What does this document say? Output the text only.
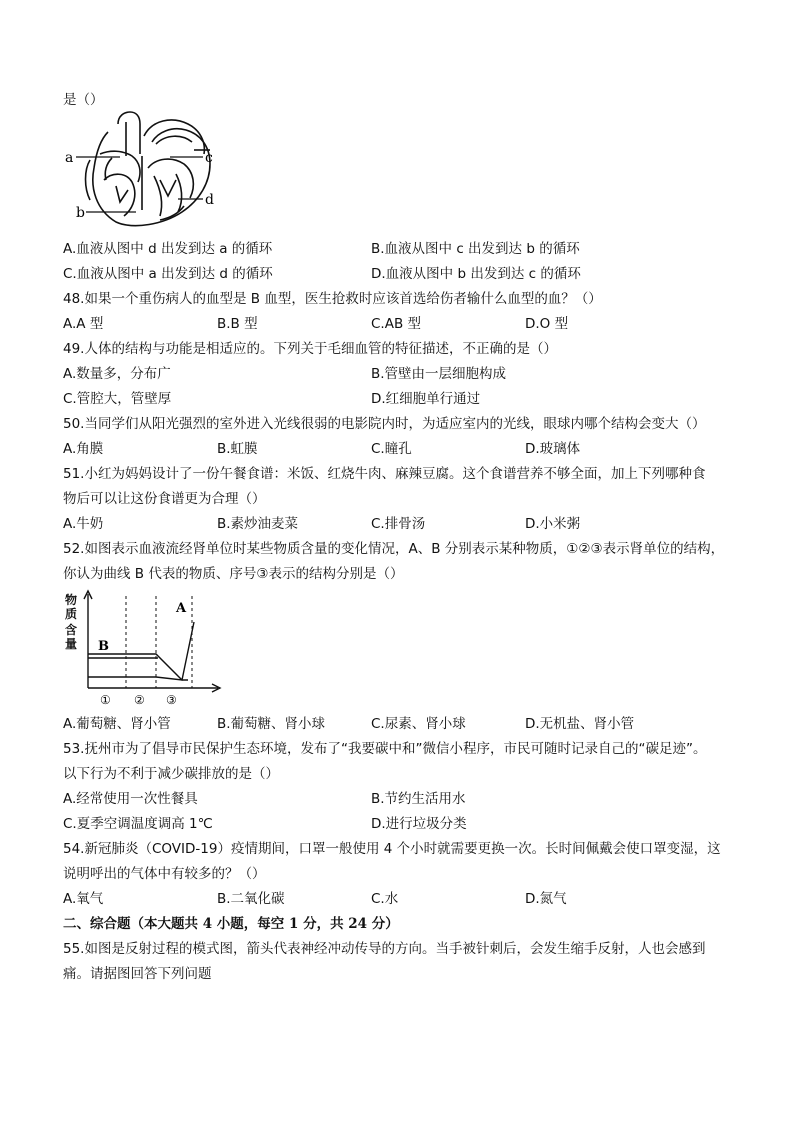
是（）
a	c
b
d
A.血液从图中 d 出发到达 a 的循环	B.血液从图中 c 出发到达 b 的循环
C.血液从图中 a 出发到达 d 的循环	D.血液从图中 b 出发到达 c 的循环
48.如果一个重伤病人的血型是 B 血型，医生抢救时应该首选给伤者输什么血型的血？（）
A.A 型	B.B 型	C.AB 型	D.O 型
49.人体的结构与功能是相适应的。下列关于毛细血管的特征描述，不正确的是（）
A.数量多，分布广	B.管壁由一层细胞构成
C.管腔大，管壁厚	D.红细胞单行通过
50.当同学们从阳光强烈的室外进入光线很弱的电影院内时，为适应室内的光线，眼球内哪个结构会变大（）
A.角膜	B.虹膜	C.瞳孔	D.玻璃体
51.小红为妈妈设计了一份午餐食谱：米饭、红烧牛肉、麻辣豆腐。这个食谱营养不够全面，加上下列哪种食
物后可以让这份食谱更为合理（）
A.牛奶	B.素炒油麦菜	C.排骨汤	D.小米粥
52.如图表示血液流经肾单位时某些物质含量的变化情况，A、B 分别表示某种物质，①②③表示肾单位的结构，
你认为曲线 B 代表的物质、序号③表示的结构分别是（）
物
质
含
量
A
B
① ② ③
A.葡萄糖、肾小管	B.葡萄糖、肾小球	C.尿素、肾小球	D.无机盐、肾小管
53.抚州市为了倡导市民保护生态环境，发布了“我要碳中和”微信小程序，市民可随时记录自己的“碳足迹”。
以下行为不利于减少碳排放的是（）
A.经常使用一次性餐具	B.节约生活用水
C.夏季空调温度调高 1℃	D.进行垃圾分类
54.新冠肺炎（COVID-19）疫情期间，口罩一般使用 4 个小时就需要更换一次。长时间佩戴会使口罩变湿，这
说明呼出的气体中有较多的？（）
A.氧气	B.二氧化碳	C.水	D.氮气
二、综合题（本大题共 4 小题，每空 1 分，共 24 分）
55.如图是反射过程的模式图，箭头代表神经冲动传导的方向。当手被针刺后，会发生缩手反射，人也会感到
痛。请据图回答下列问题
